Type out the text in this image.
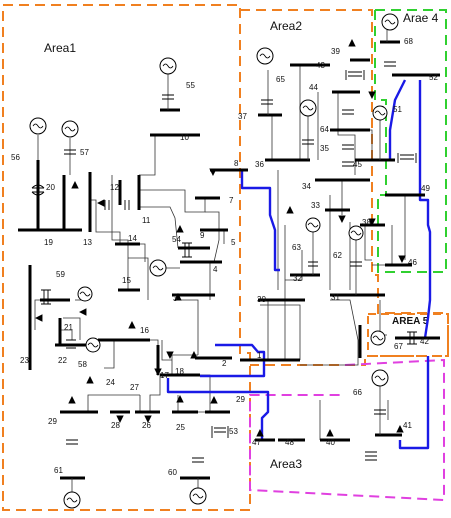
Area1
Area2
Area3
Arae 4
AREA 5
1
2
3
4
5
7
8
9
10
11
12
13	14
15
16
17 18
19
20
21
22
23
24
25
26
27
28
29
29
30	31
32
33
34
35
36
37
38
39
40
41
42
43
44
45
46
47	48
49
51
52
53
54
55
56
57
58
59
60
61
62
63
64
65
66
67
68
